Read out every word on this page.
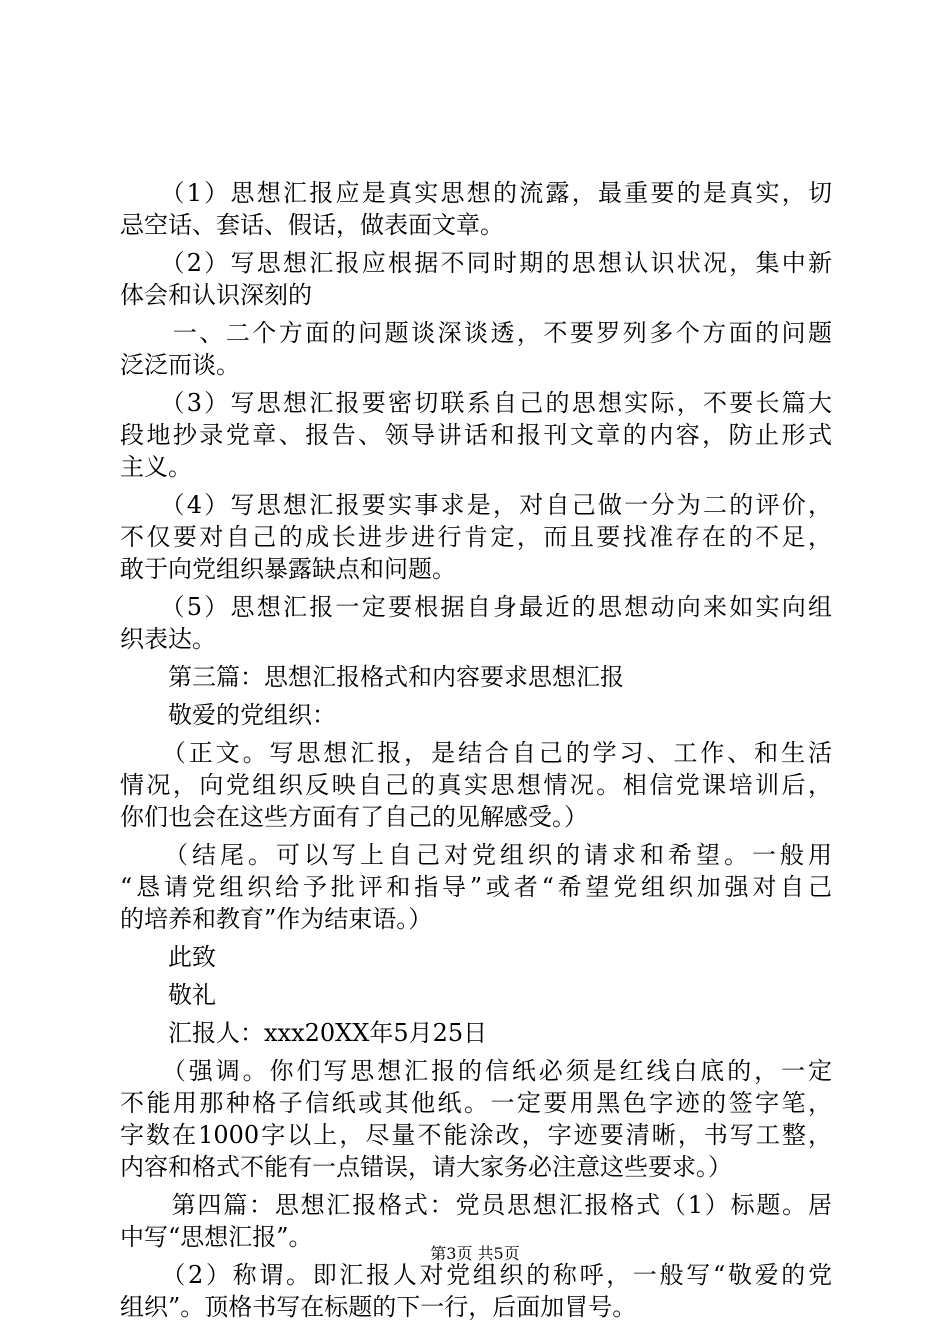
　　（1）思想汇报应是真实思想的流露，最重要的是真实，切
忌空话、套话、假话，做表面文章。
　　（2）写思想汇报应根据不同时期的思想认识状况，集中新
体会和认识深刻的
　　一、二个方面的问题谈深谈透，不要罗列多个方面的问题
泛泛而谈。
　　（3）写思想汇报要密切联系自己的思想实际，不要长篇大
段地抄录党章、报告、领导讲话和报刊文章的内容，防止形式
主义。
　　（4）写思想汇报要实事求是，对自己做一分为二的评价，
不仅要对自己的成长进步进行肯定，而且要找准存在的不足，
敢于向党组织暴露缺点和问题。
　　（5）思想汇报一定要根据自身最近的思想动向来如实向组
织表达。
　　第三篇：思想汇报格式和内容要求思想汇报
　　敬爱的党组织：
　　（正文。写思想汇报，是结合自己的学习、工作、和生活
情况，向党组织反映自己的真实思想情况。相信党课培训后，
你们也会在这些方面有了自己的见解感受。）
　　（结尾。可以写上自己对党组织的请求和希望。一般用
“恳请党组织给予批评和指导”或者“希望党组织加强对自己
的培养和教育”作为结束语。）
　　此致
　　敬礼
　　汇报人：xxx20XX年5月25日
　　（强调。你们写思想汇报的信纸必须是红线白底的，一定
不能用那种格子信纸或其他纸。一定要用黑色字迹的签字笔，
字数在1000字以上，尽量不能涂改，字迹要清晰，书写工整，
内容和格式不能有一点错误，请大家务必注意这些要求。）
　　第四篇：思想汇报格式：党员思想汇报格式（1）标题。居
中写“思想汇报”。
　　（2）称谓。即汇报人对党组织的称呼，一般写“敬爱的党
组织”。顶格书写在标题的下一行，后面加冒号。
第3页 共5页
